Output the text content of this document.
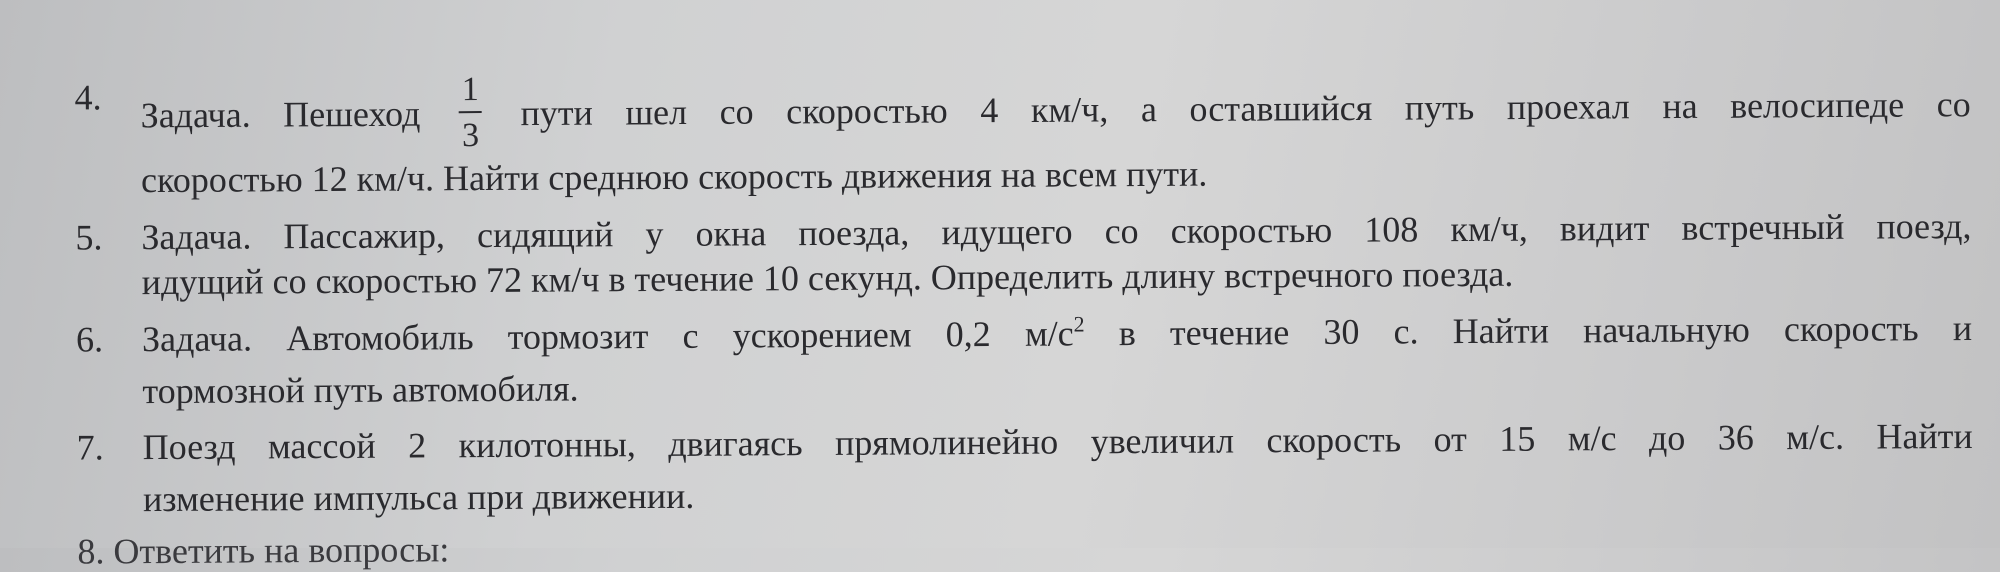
4. Задача. Пешеход $\frac{1}{3}$ пути шел со скоростью 4 км/ч, а оставшийся путь проехал на велосипеде со
скоростью 12 км/ч. Найти среднюю скорость движения на всем пути.
5. Задача. Пассажир, сидящий у окна поезда, идущего со скоростью 108 км/ч, видит встречный поезд,
идущий со скоростью 72 км/ч в течение 10 секунд. Определить длину встречного поезда.
6. Задача. Автомобиль тормозит с ускорением 0,2 $м/с^2$ в течение 30 с. Найти начальную скорость и
тормозной путь автомобиля.
7. Поезд массой 2 килотонны, двигаясь прямолинейно увеличил скорость от 15 м/с до 36 м/с. Найти
изменение импульса при движении.
8. Ответить на вопросы:
